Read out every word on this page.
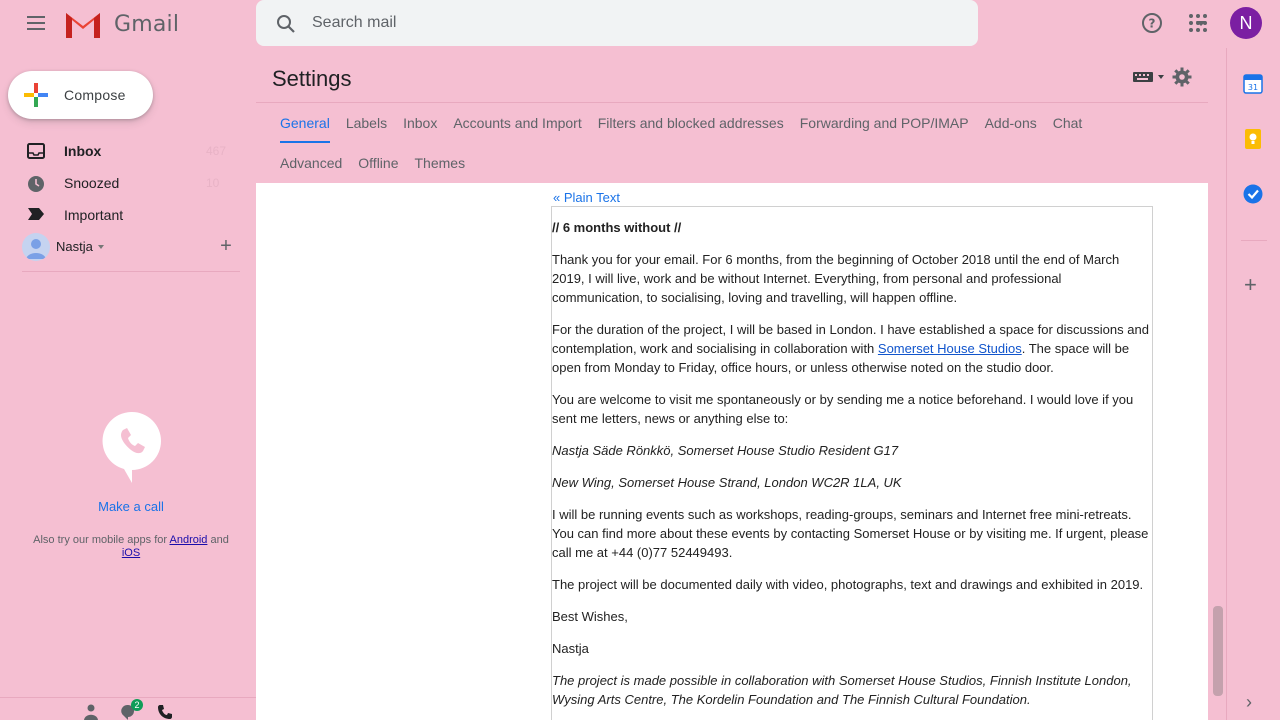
Gmail
Search mail	?	N
Compose
Inbox	467
Snoozed	10
Important
Nastja	+
Make a call
Also try our mobile apps for Android and
iOS
2
Settings
General	Labels	Inbox	Accounts and Import	Filters and blocked addresses	Forwarding and POP/IMAP	Add-ons	Chat
Advanced	Offline	Themes
« Plain Text

// 6 months without //

Thank you for your email. For 6 months, from the beginning of October 2018 until the end of March 2019, I will live, work and be without Internet. Everything, from personal and professional communication, to socialising, loving and travelling, will happen offline.

For the duration of the project, I will be based in London. I have established a space for discussions and contemplation, work and socialising in collaboration with Somerset House Studios. The space will be open from Monday to Friday, office hours, or unless otherwise noted on the studio door.

You are welcome to visit me spontaneously or by sending me a notice beforehand. I would love if you sent me letters, news or anything else to:

Nastja Säde Rönkkö, Somerset House Studio Resident G17

New Wing, Somerset House Strand, London WC2R 1LA, UK

I will be running events such as workshops, reading-groups, seminars and Internet free mini-retreats. You can find more about these events by contacting Somerset House or by visiting me. If urgent, please call me at +44 (0)77 52449493.

The project will be documented daily with video, photographs, text and drawings and exhibited in 2019.

Best Wishes,

Nastja

The project is made possible in collaboration with Somerset House Studios, Finnish Institute London, Wysing Arts Centre, The Kordelin Foundation and The Finnish Cultural Foundation.

31
+
›
